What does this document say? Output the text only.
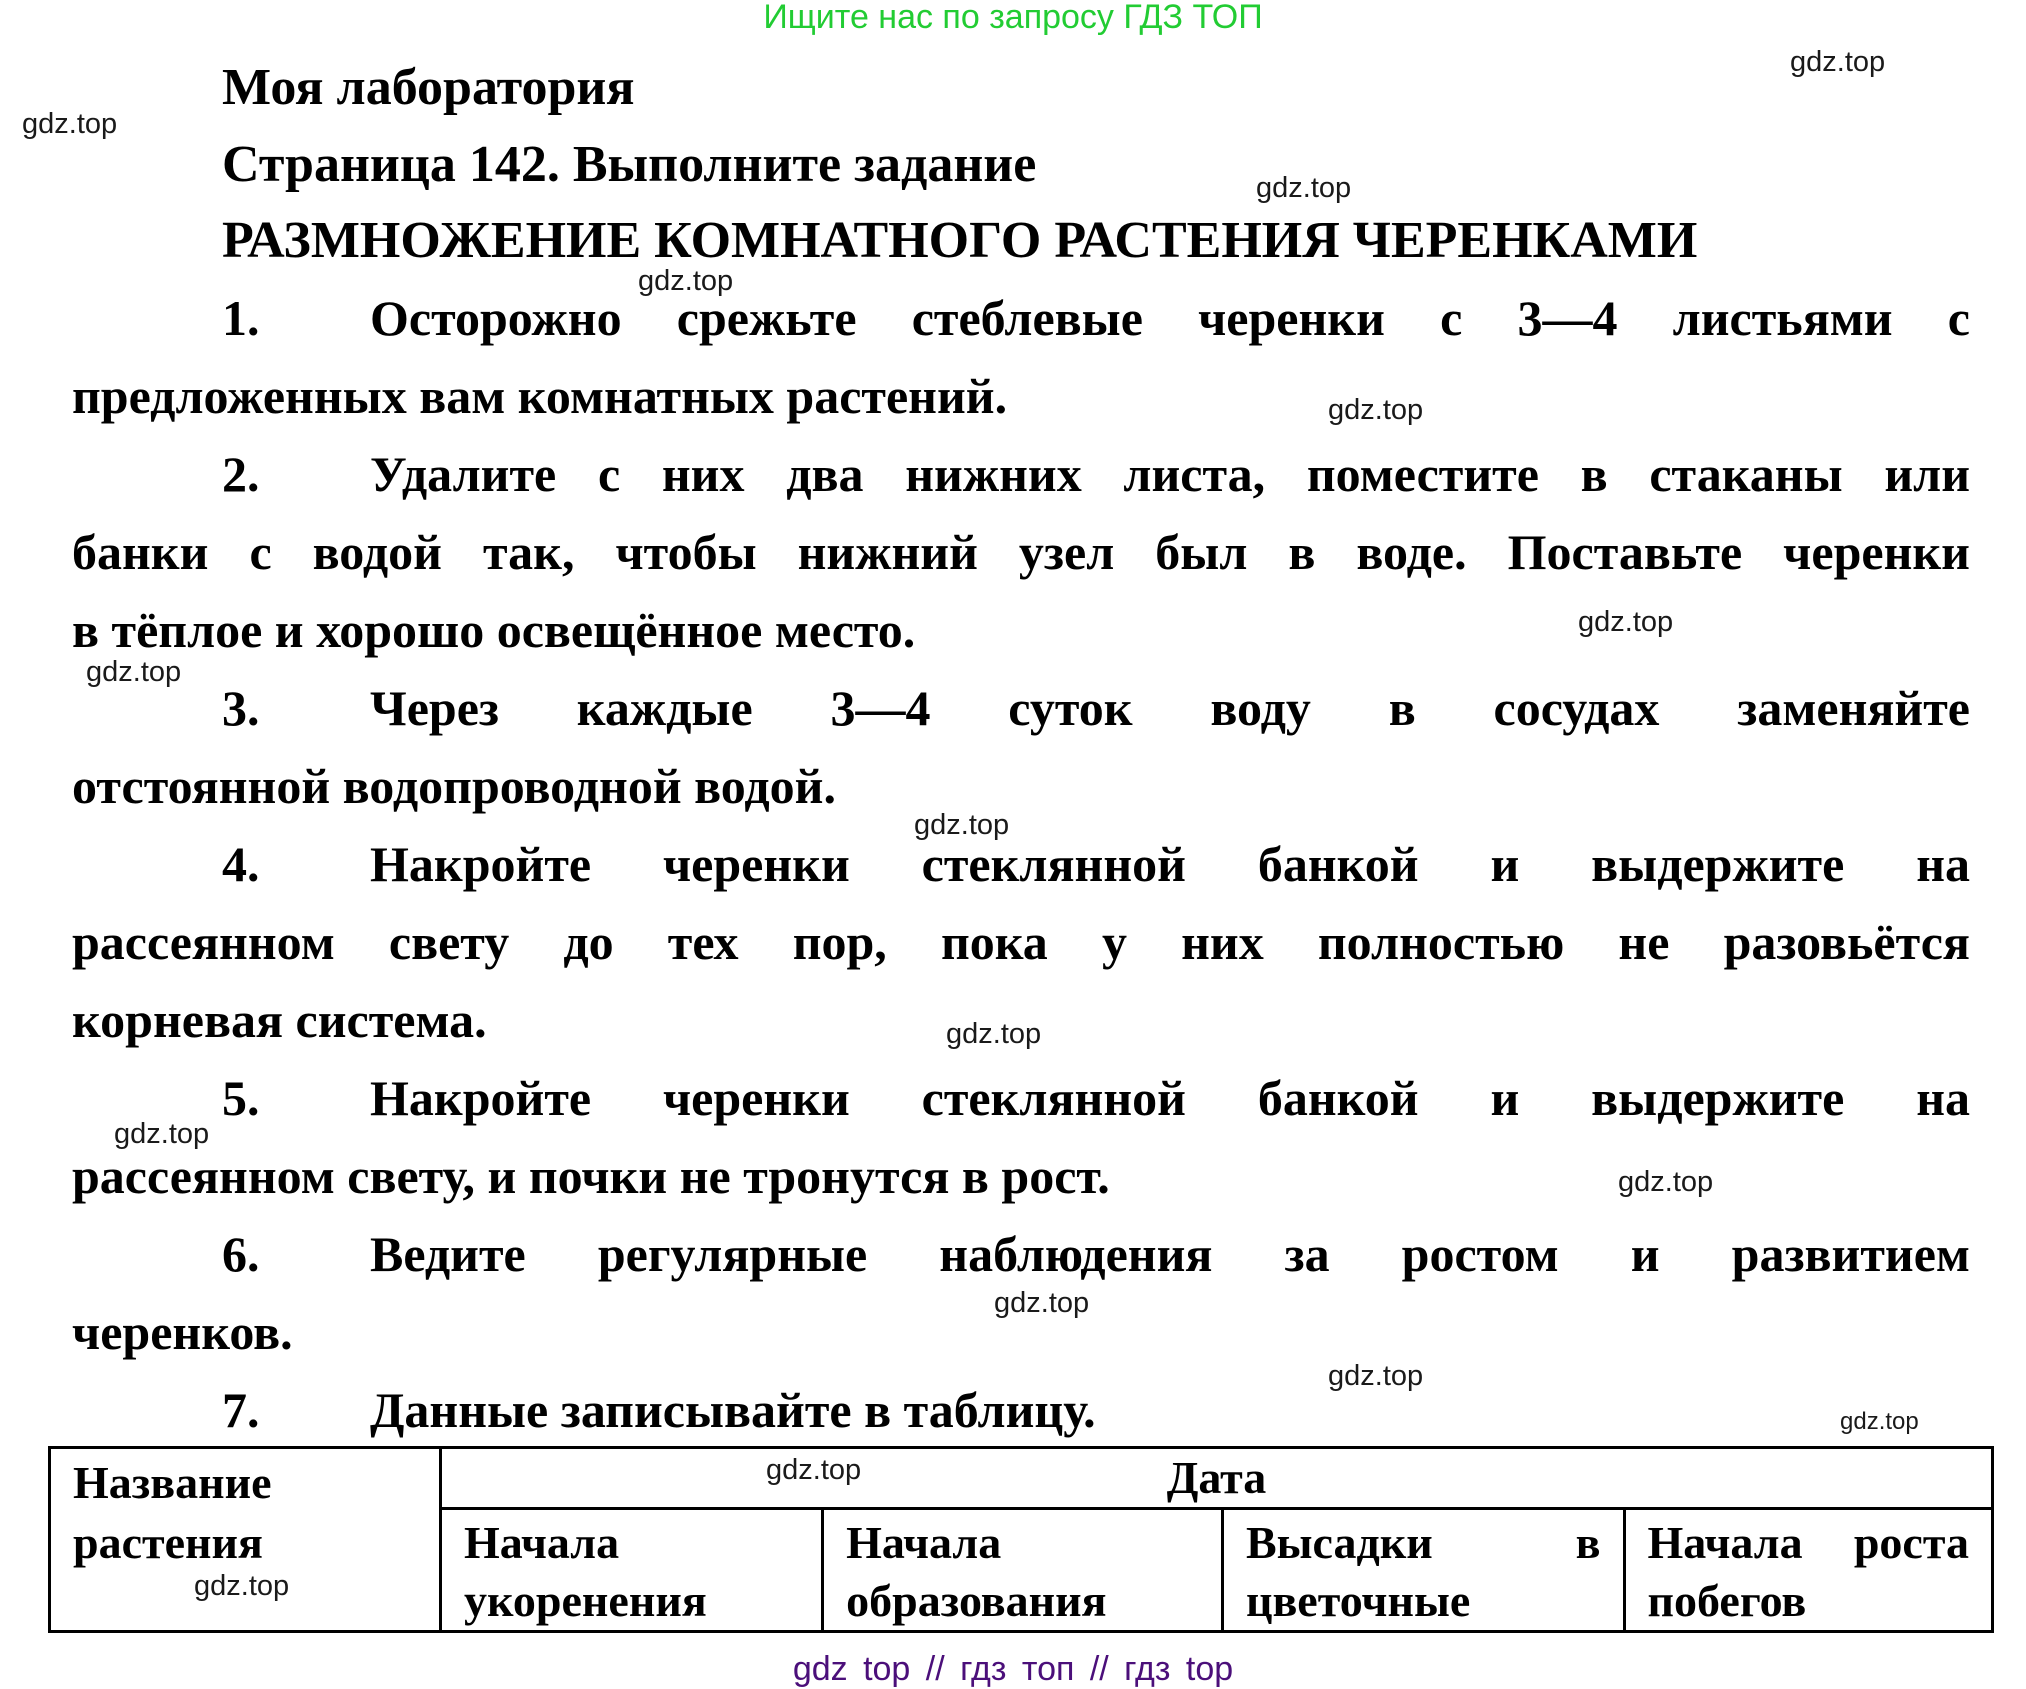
Ищите нас по запросу ГДЗ ТОП
gdz top // гдз топ // гдз top
Моя лаборатория
Страница 142. Выполните задание
РАЗМНОЖЕНИЕ КОМНАТНОГО РАСТЕНИЯ ЧЕРЕНКАМИ
1. Осторожно срежьте стеблевые черенки с 3—4 листьями с
предложенных вам комнатных растений.
2. Удалите с них два нижних листа, поместите в стаканы или
банки с водой так, чтобы нижний узел был в воде. Поставьте черенки
в тёплое и хорошо освещённое место.
3. Через каждые 3—4 суток воду в сосудах заменяйте
отстоянной водопроводной водой.
4. Накройте черенки стеклянной банкой и выдержите на
рассеянном свету до тех пор, пока у них полностью не разовьётся
корневая система.
5. Накройте черенки стеклянной банкой и выдержите на
рассеянном свету, и почки не тронутся в рост.
6. Ведите регулярные наблюдения за ростом и развитием
черенков.
7. Данные записывайте в таблицу.
Название растения	Дата			
	Начала укоренения	Начала образования	Высадки в цветочные	Начала роста побегов
gdz.top
gdz.top
gdz.top
gdz.top
gdz.top
gdz.top
gdz.top
gdz.top
gdz.top
gdz.top
gdz.top
gdz.top
gdz.top
gdz.top
gdz.top
gdz.top
